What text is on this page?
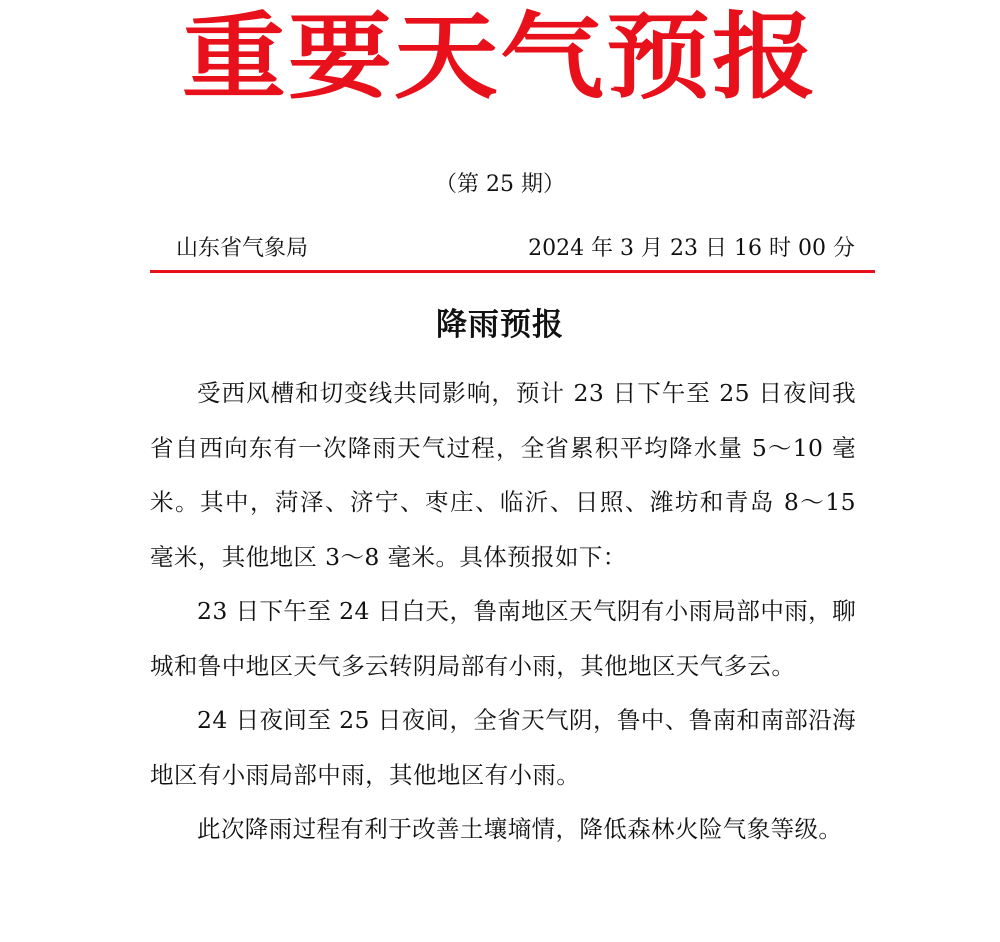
重要天气预报
（第 25 期）
山东省气象局	2024 年 3 月 23 日 16 时 00 分
降雨预报

受西风槽和切变线共同影响，预计 23 日下午至 25 日夜间我省自西向东有一次降雨天气过程，全省累积平均降水量 5～10 毫米。其中，菏泽、济宁、枣庄、临沂、日照、潍坊和青岛 8～15 毫米，其他地区 3～8 毫米。具体预报如下：

23 日下午至 24 日白天，鲁南地区天气阴有小雨局部中雨，聊城和鲁中地区天气多云转阴局部有小雨，其他地区天气多云。

24 日夜间至 25 日夜间，全省天气阴，鲁中、鲁南和南部沿海地区有小雨局部中雨，其他地区有小雨。

此次降雨过程有利于改善土壤墒情，降低森林火险气象等级。
